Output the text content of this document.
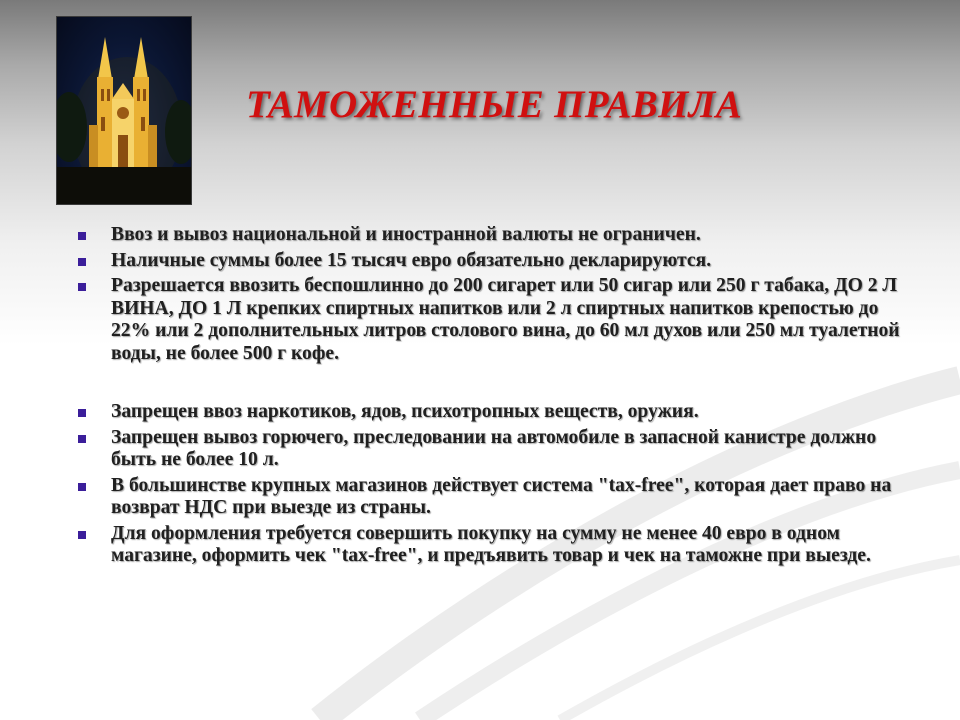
ТАМОЖЕННЫЕ ПРАВИЛА
Ввоз и вывоз национальной и иностранной валюты не ограничен.
Наличные суммы более 15 тысяч евро обязательно декларируются.
Разрешается ввозить беспошлинно до 200 сигарет или 50 сигар или 250 г табака, ДО 2 Л ВИНА, ДО 1 Л крепких спиртных напитков или 2 л спиртных напитков крепостью до 22% или 2 дополнительных литров столового вина, до 60 мл духов или 250 мл туалетной воды, не более 500 г кофе.
Запрещен ввоз наркотиков, ядов, психотропных веществ, оружия.
Запрещен вывоз горючего, преследовании на автомобиле в запасной канистре должно быть не более 10 л.
В большинстве крупных магазинов действует система "tax-free", которая дает право на возврат НДС при выезде из страны.
Для оформления требуется совершить покупку на сумму не менее 40 евро в одном магазине, оформить чек "tax-free", и предъявить товар и чек на таможне при выезде.
